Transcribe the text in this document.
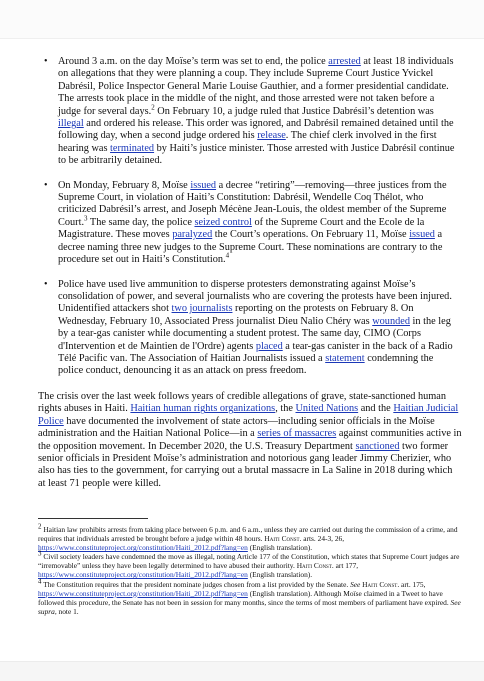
• Around 3 a.m. on the day Moïse’s term was set to end, the police arrested at least 18 individuals on allegations that they were planning a coup. They include Supreme Court Justice Yvickel Dabrésil, Police Inspector General Marie Louise Gauthier, and a former presidential candidate. The arrests took place in the middle of the night, and those arrested were not taken before a judge for several days.$^2$ On February 10, a judge ruled that Justice Dabrésil’s detention was illegal and ordered his release. This order was ignored, and Dabrésil remained detained until the following day, when a second judge ordered his release. The chief clerk involved in the first hearing was terminated by Haiti’s justice minister. Those arrested with Justice Dabrésil continue to be arbitrarily detained.
• On Monday, February 8, Moïse issued a decree “retiring”—removing—three justices from the Supreme Court, in violation of Haiti’s Constitution: Dabrésil, Wendelle Coq Thélot, who criticized Dabrésil’s arrest, and Joseph Mécène Jean-Louis, the oldest member of the Supreme Court.$^3$ The same day, the police seized control of the Supreme Court and the Ecole de la Magistrature. These moves paralyzed the Court’s operations. On February 11, Moïse issued a decree naming three new judges to the Supreme Court. These nominations are contrary to the procedure set out in Haiti’s Constitution.$^4$
• Police have used live ammunition to disperse protesters demonstrating against Moïse’s consolidation of power, and several journalists who are covering the protests have been injured. Unidentified attackers shot two journalists reporting on the protests on February 8. On Wednesday, February 10, Associated Press journalist Dieu Nalio Chéry was wounded in the leg by a tear-gas canister while documenting a student protest. The same day, CIMO (Corps d'Intervention et de Maintien de l'Ordre) agents placed a tear-gas canister in the back of a Radio Télé Pacific van. The Association of Haitian Journalists issued a statement condemning the police conduct, denouncing it as an attack on press freedom.

The crisis over the last week follows years of credible allegations of grave, state-sanctioned human rights abuses in Haiti. Haitian human rights organizations, the United Nations and the Haitian Judicial Police have documented the involvement of state actors—including senior officials in the Moïse administration and the Haitian National Police—in a series of massacres against communities active in the opposition movement. In December 2020, the U.S. Treasury Department sanctioned two former senior officials in President Moïse’s administration and notorious gang leader Jimmy Cherizier, who also has ties to the government, for carrying out a brutal massacre in La Saline in 2018 during which at least 71 people were killed.

$^2$ Haitian law prohibits arrests from taking place between 6 p.m. and 6 a.m., unless they are carried out during the commission of a crime, and requires that individuals arrested be brought before a judge within 48 hours. Haiti Const. arts. 24-3, 26, https://www.constituteproject.org/constitution/Haiti_2012.pdf?lang=en (English translation).

$^3$ Civil society leaders have condemned the move as illegal, noting Article 177 of the Constitution, which states that Supreme Court judges are “irremovable” unless they have been legally determined to have abused their authority. Haiti Const. art 177, https://www.constituteproject.org/constitution/Haiti_2012.pdf?lang=en (English translation).

$^4$ The Constitution requires that the president nominate judges chosen from a list provided by the Senate. See Haiti Const. art. 175, https://www.constituteproject.org/constitution/Haiti_2012.pdf?lang=en (English translation). Although Moïse claimed in a Tweet to have followed this procedure, the Senate has not been in session for many months, since the terms of most members of parliament have expired. See supra, note 1.
